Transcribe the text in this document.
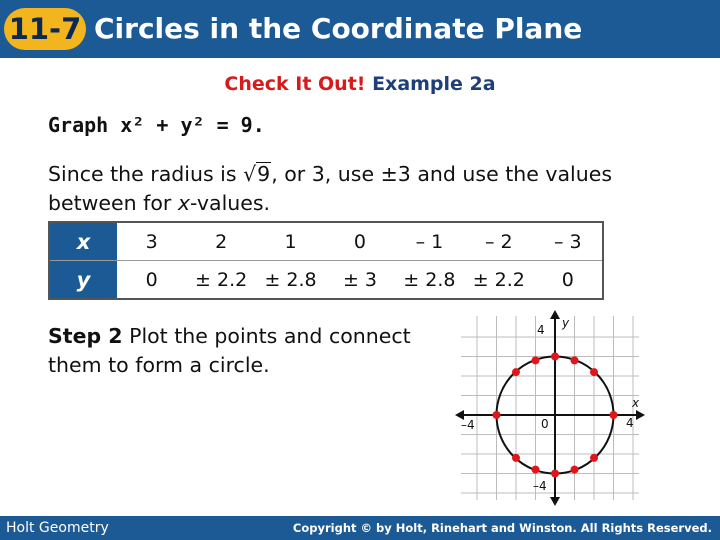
11-7 Circles in the Coordinate Plane
Check It Out! Example 2a
Graph x² + y² = 9.
Since the radius is √9, or 3, use ±3 and use the values between for x-values.
x	3	2	1	0	– 1	– 2	– 3
y	0	± 2.2	± 2.8	± 3	± 2.8	± 2.2	0
Step 2 Plot the points and connect them to form a circle.
y
x
4
–4
0
–4	4
Holt Geometry	Copyright © by Holt, Rinehart and Winston. All Rights Reserved.
